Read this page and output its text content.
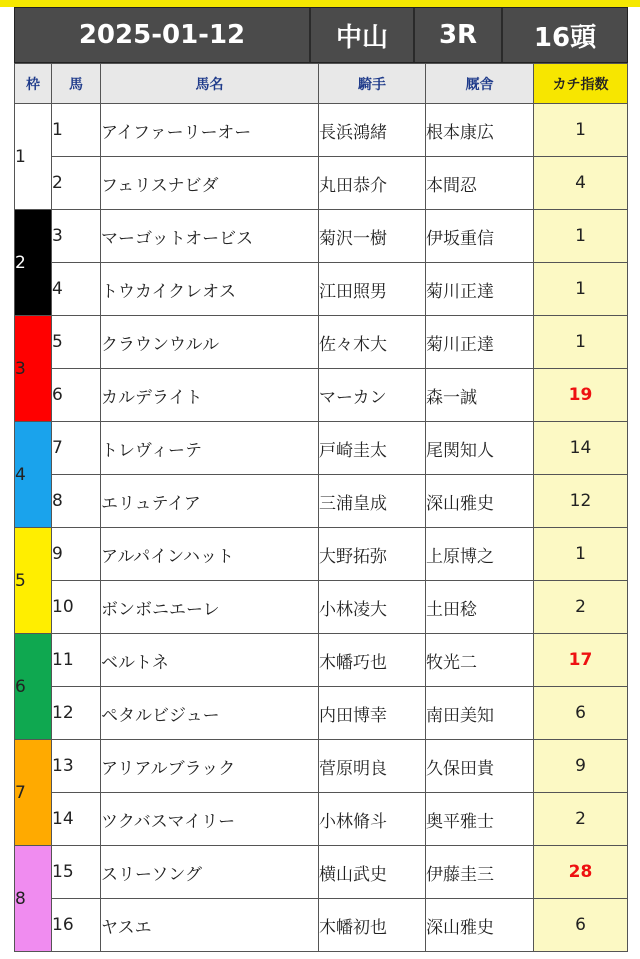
2025-01-12	中山	3R	16頭
枠	馬	馬名	騎手	厩舎	カチ指数
1	1	アイファーリーオー	長浜鴻緒	根本康広	1
	2	フェリスナビダ	丸田恭介	本間忍	4
2	3	マーゴットオービス	菊沢一樹	伊坂重信	1
	4	トウカイクレオス	江田照男	菊川正達	1
3	5	クラウンウルル	佐々木大	菊川正達	1
	6	カルデライト	マーカン	森一誠	19
4	7	トレヴィーテ	戸崎圭太	尾関知人	14
	8	エリュテイア	三浦皇成	深山雅史	12
5	9	アルパインハット	大野拓弥	上原博之	1
	10	ボンボニエーレ	小林凌大	土田稔	2
6	11	ベルトネ	木幡巧也	牧光二	17
	12	ペタルビジュー	内田博幸	南田美知	6
7	13	アリアルブラック	菅原明良	久保田貴	9
	14	ツクバスマイリー	小林脩斗	奥平雅士	2
8	15	スリーソング	横山武史	伊藤圭三	28
	16	ヤスエ	木幡初也	深山雅史	6
